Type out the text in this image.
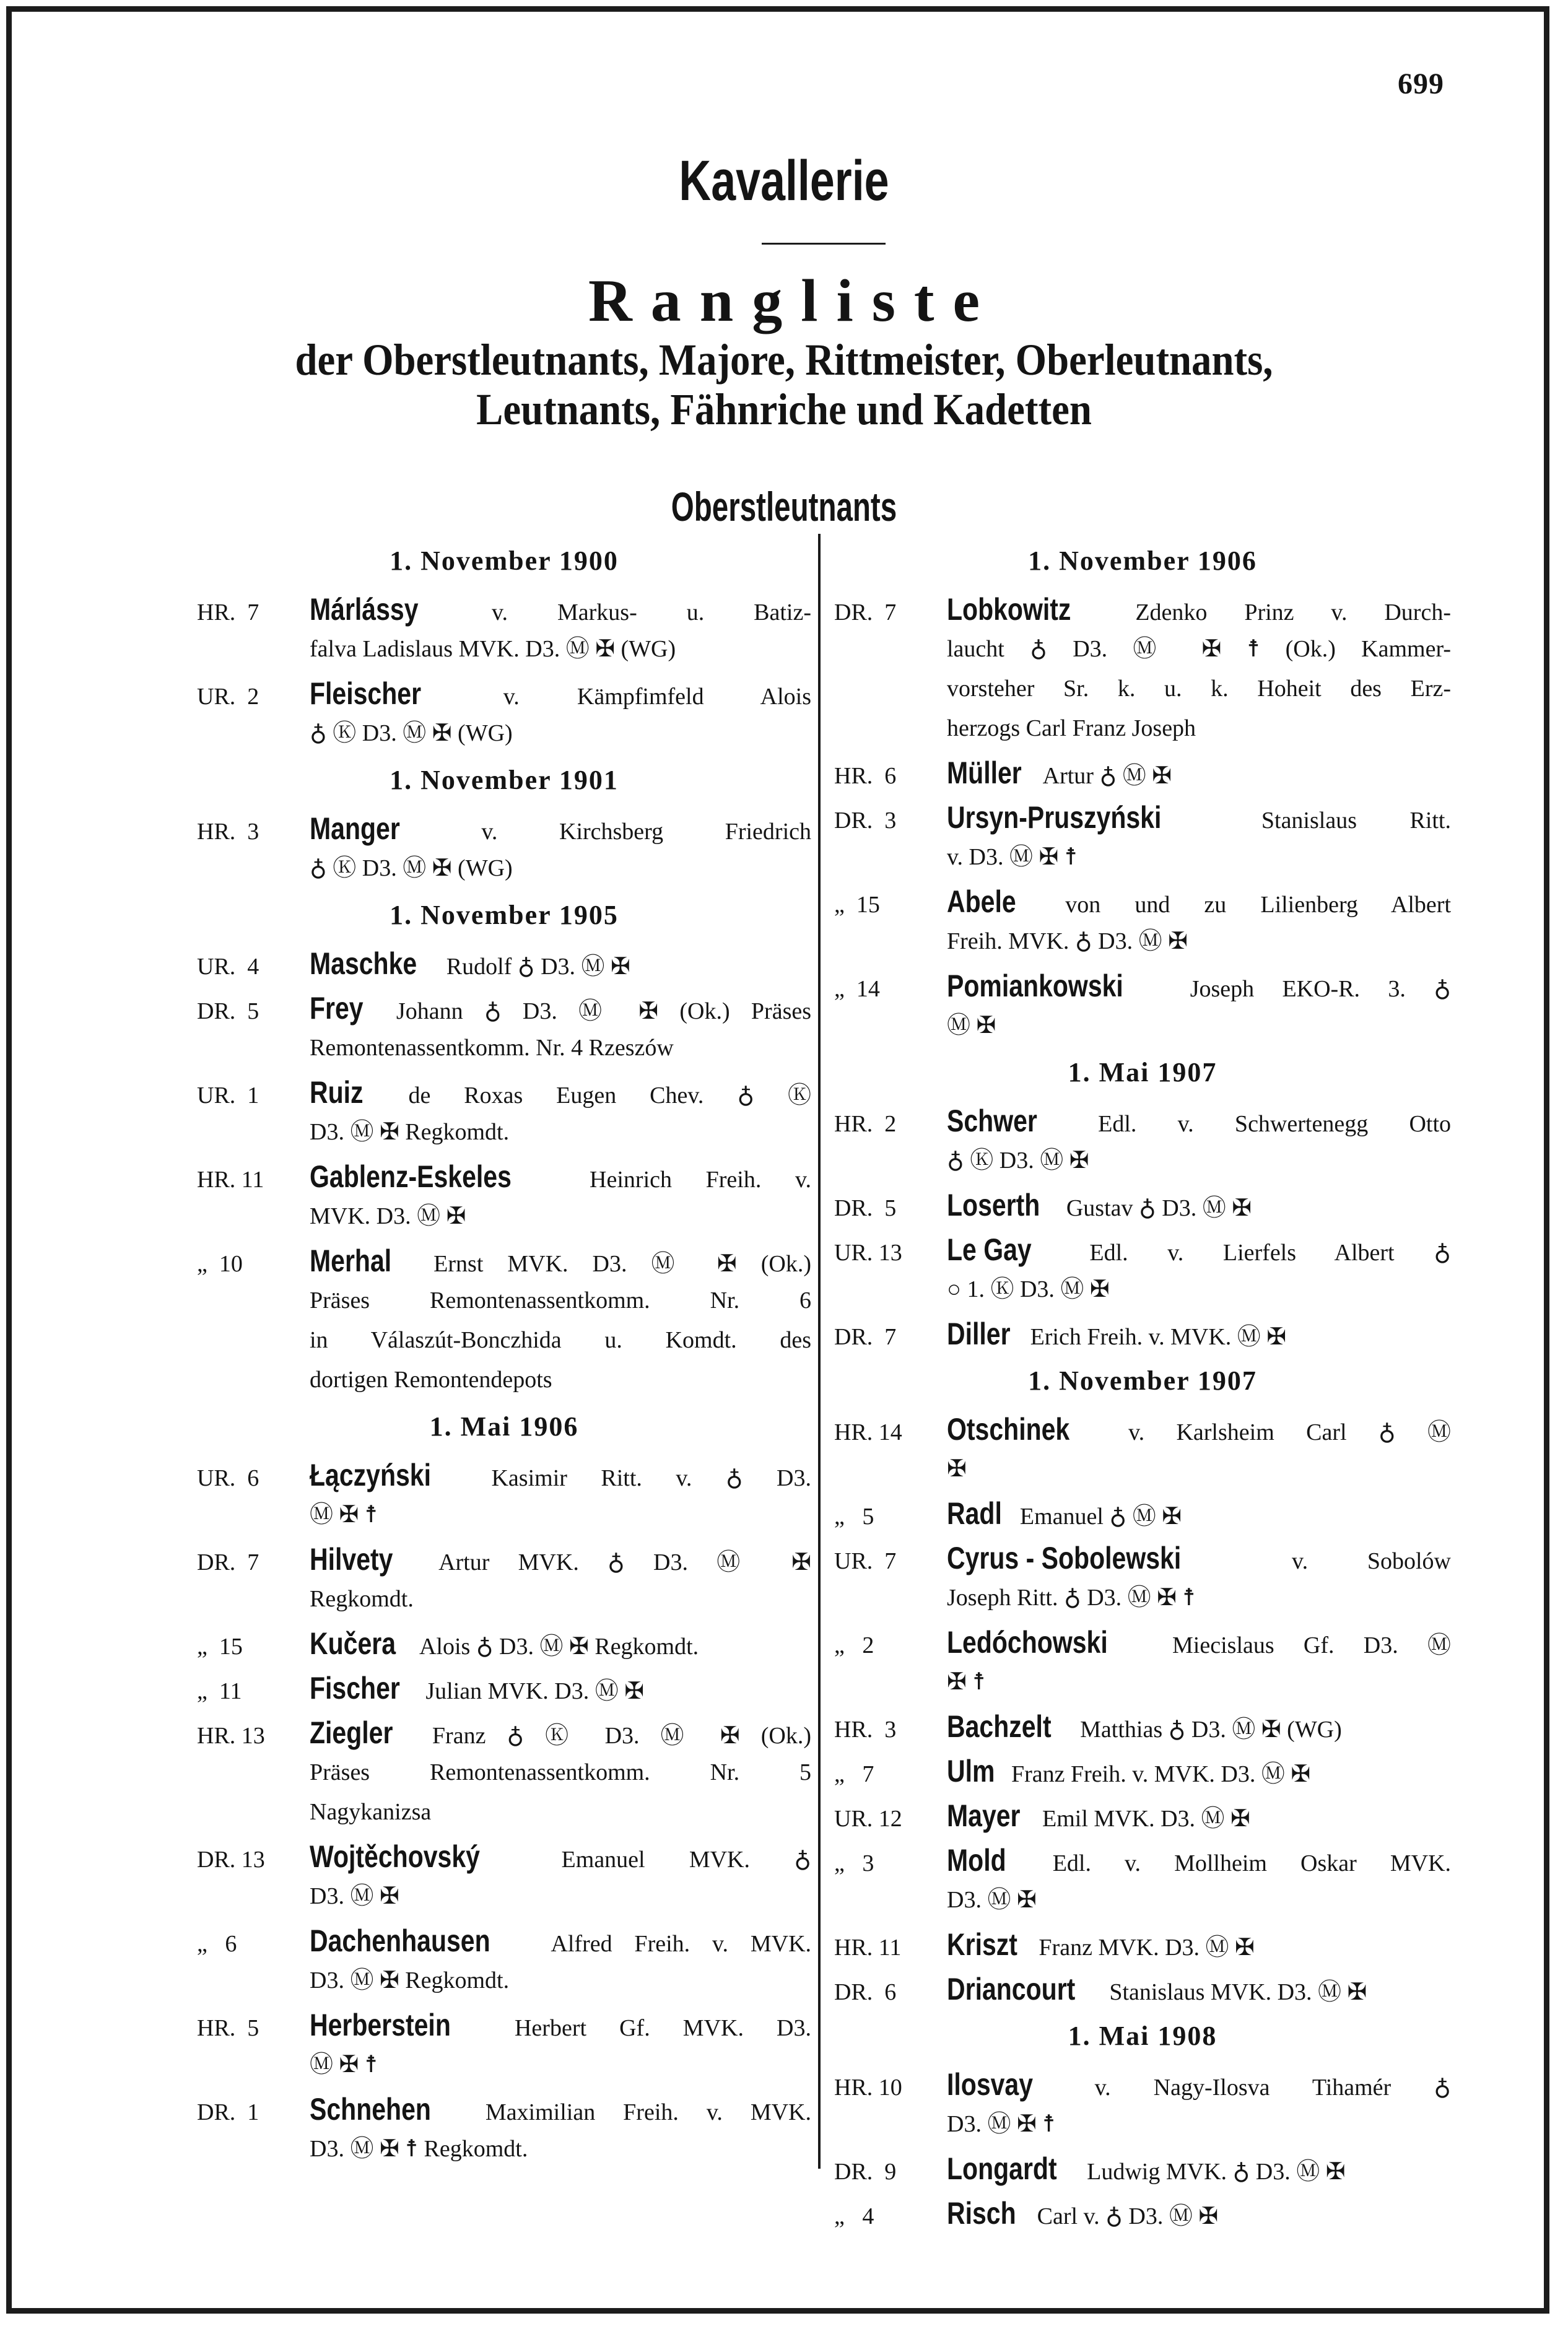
699
Kavallerie
Rangliste
der Oberstleutnants, Majore, Rittmeister, Oberleutnants,
Leutnants, Fähnriche und Kadetten
Oberstleutnants
1. November 1900
HR.  7 Márlássy	v. Markus- u. Batiz-
falva Ladislaus MVK. D3. Ⓜ ✠ (WG)
UR.  2 Fleischer	v. Kämpfimfeld Alois
♁ Ⓚ D3. Ⓜ ✠ (WG)
1. November 1901
HR.  3 Manger	v. Kirchsberg Friedrich
♁ Ⓚ D3. Ⓜ ✠ (WG)
1. November 1905
UR.  4 Maschke Rudolf ♁ D3. Ⓜ ✠
DR.  5 Frey Johann ♁ D3. Ⓜ ✠ (Ok.) Präses
Remontenassentkomm. Nr. 4 Rzeszów
UR.  1 Ruiz de Roxas Eugen Chev. ♁ Ⓚ
D3. Ⓜ ✠ Regkomdt.
HR. 11 Gablenz-Eskeles	Heinrich Freih. v.
MVK. D3. Ⓜ ✠
„  10 Merhal Ernst MVK. D3. Ⓜ ✠ (Ok.)
Präses Remontenassentkomm. Nr. 6
in Válaszút-Bonczhida u. Komdt. des
dortigen Remontendepots
1. Mai 1906
UR.  6 Łączyński	Kasimir Ritt. v. ♁ D3.
Ⓜ ✠ ☨
DR.  7 Hilvety Artur MVK. ♁ D3. Ⓜ ✠
Regkomdt.
„  15 Kučera Alois ♁ D3. Ⓜ ✠ Regkomdt.
„  11 Fischer Julian MVK. D3. Ⓜ ✠
HR. 13 Ziegler Franz ♁ Ⓚ D3. Ⓜ ✠ (Ok.)
Präses Remontenassentkomm. Nr. 5
Nagykanizsa
DR. 13 Wojtěchovský	Emanuel MVK. ♁
D3. Ⓜ ✠
„   6 Dachenhausen	Alfred Freih. v. MVK.
D3. Ⓜ ✠ Regkomdt.
HR.  5 Herberstein	Herbert Gf. MVK. D3.
Ⓜ ✠ ☨
DR.  1 Schnehen Maximilian Freih. v. MVK.
D3. Ⓜ ✠ ☨ Regkomdt.
1. November 1906
DR.  7 Lobkowitz	Zdenko Prinz v. Durch-
laucht ♁ D3. Ⓜ ✠ ☨ (Ok.) Kammer-
vorsteher Sr. k. u. k. Hoheit des Erz-
herzogs Carl Franz Joseph
HR.  6 Müller Artur ♁ Ⓜ ✠
DR.  3 Ursyn-Pruszyński	Stanislaus Ritt.
v. D3. Ⓜ ✠ ☨
„  15 Abele von und zu Lilienberg Albert
Freih. MVK. ♁ D3. Ⓜ ✠
„  14 Pomiankowski	Joseph EKO-R. 3. ♁
Ⓜ ✠
1. Mai 1907
HR.  2 Schwer	Edl. v. Schwertenegg Otto
♁ Ⓚ D3. Ⓜ ✠
DR.  5 Loserth Gustav ♁ D3. Ⓜ ✠
UR. 13 Le Gay Edl. v. Lierfels Albert ♁
○ 1. Ⓚ D3. Ⓜ ✠
DR.  7 Diller Erich Freih. v. MVK. Ⓜ ✠
1. November 1907
HR. 14 Otschinek v. Karlsheim Carl ♁ Ⓜ
✠
„   5 Radl Emanuel ♁ Ⓜ ✠
UR.  7 Cyrus - Sobolewski	v. Sobolów
Joseph Ritt. ♁ D3. Ⓜ ✠ ☨
„   2 Ledóchowski	Miecislaus Gf. D3. Ⓜ
✠ ☨
HR.  3 Bachzelt Matthias ♁ D3. Ⓜ ✠ (WG)
„   7 Ulm Franz Freih. v. MVK. D3. Ⓜ ✠
UR. 12 Mayer Emil MVK. D3. Ⓜ ✠
„   3 Mold Edl. v. Mollheim Oskar MVK.
D3. Ⓜ ✠
HR. 11 Kriszt Franz MVK. D3. Ⓜ ✠
DR.  6 Driancourt Stanislaus MVK. D3. Ⓜ ✠
1. Mai 1908
HR. 10 Ilosvay	v. Nagy-Ilosva Tihamér ♁
D3. Ⓜ ✠ ☨
DR.  9 Longardt Ludwig MVK. ♁ D3. Ⓜ ✠
„   4 Risch Carl v. ♁ D3. Ⓜ ✠
